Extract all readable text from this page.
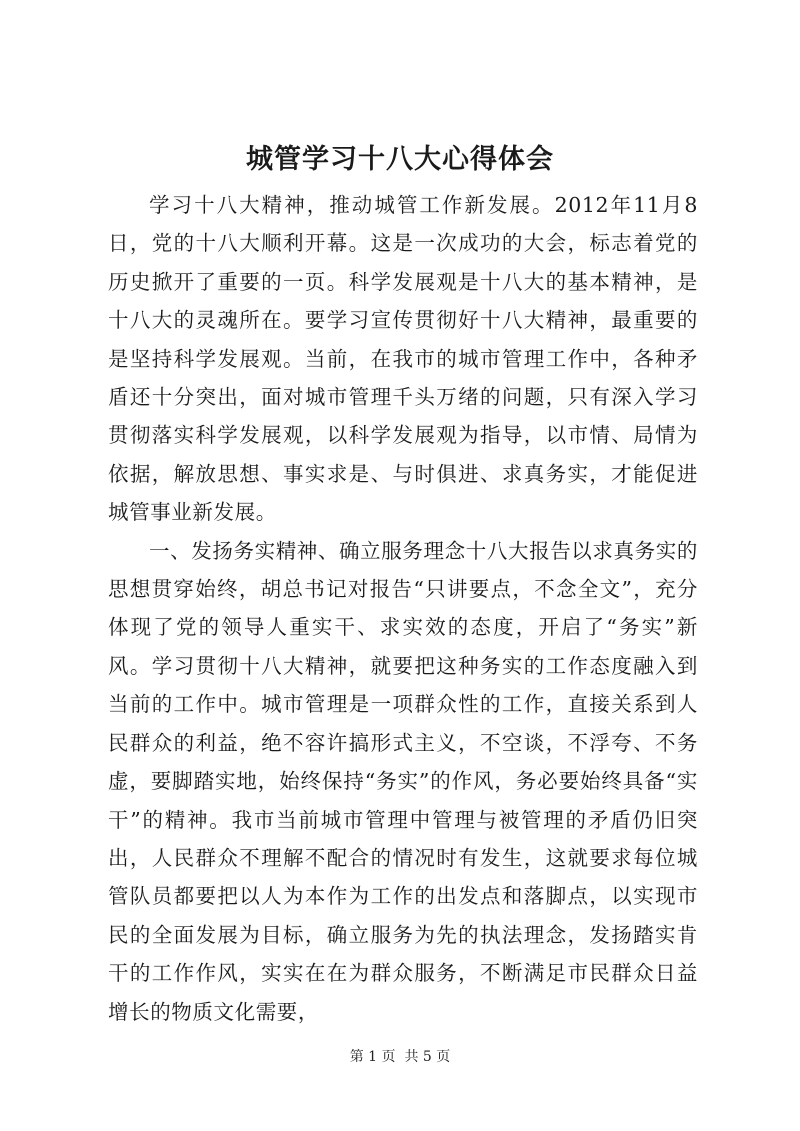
城管学习十八大心得体会

学习十八大精神，推动城管工作新发展。2012年11月8日，党的十八大顺利开幕。这是一次成功的大会，标志着党的历史掀开了重要的一页。科学发展观是十八大的基本精神，是十八大的灵魂所在。要学习宣传贯彻好十八大精神，最重要的是坚持科学发展观。当前，在我市的城市管理工作中，各种矛盾还十分突出，面对城市管理千头万绪的问题，只有深入学习贯彻落实科学发展观，以科学发展观为指导，以市情、局情为依据，解放思想、事实求是、与时俱进、求真务实，才能促进城管事业新发展。

一、发扬务实精神、确立服务理念十八大报告以求真务实的思想贯穿始终，胡总书记对报告“只讲要点，不念全文”，充分体现了党的领导人重实干、求实效的态度，开启了“务实”新风。学习贯彻十八大精神，就要把这种务实的工作态度融入到当前的工作中。城市管理是一项群众性的工作，直接关系到人民群众的利益，绝不容许搞形式主义，不空谈，不浮夸、不务虚，要脚踏实地，始终保持“务实”的作风，务必要始终具备“实干”的精神。我市当前城市管理中管理与被管理的矛盾仍旧突出，人民群众不理解不配合的情况时有发生，这就要求每位城管队员都要把以人为本作为工作的出发点和落脚点，以实现市民的全面发展为目标，确立服务为先的执法理念，发扬踏实肯干的工作作风，实实在在为群众服务，不断满足市民群众日益增长的物质文化需要，

第 1 页  共 5 页
